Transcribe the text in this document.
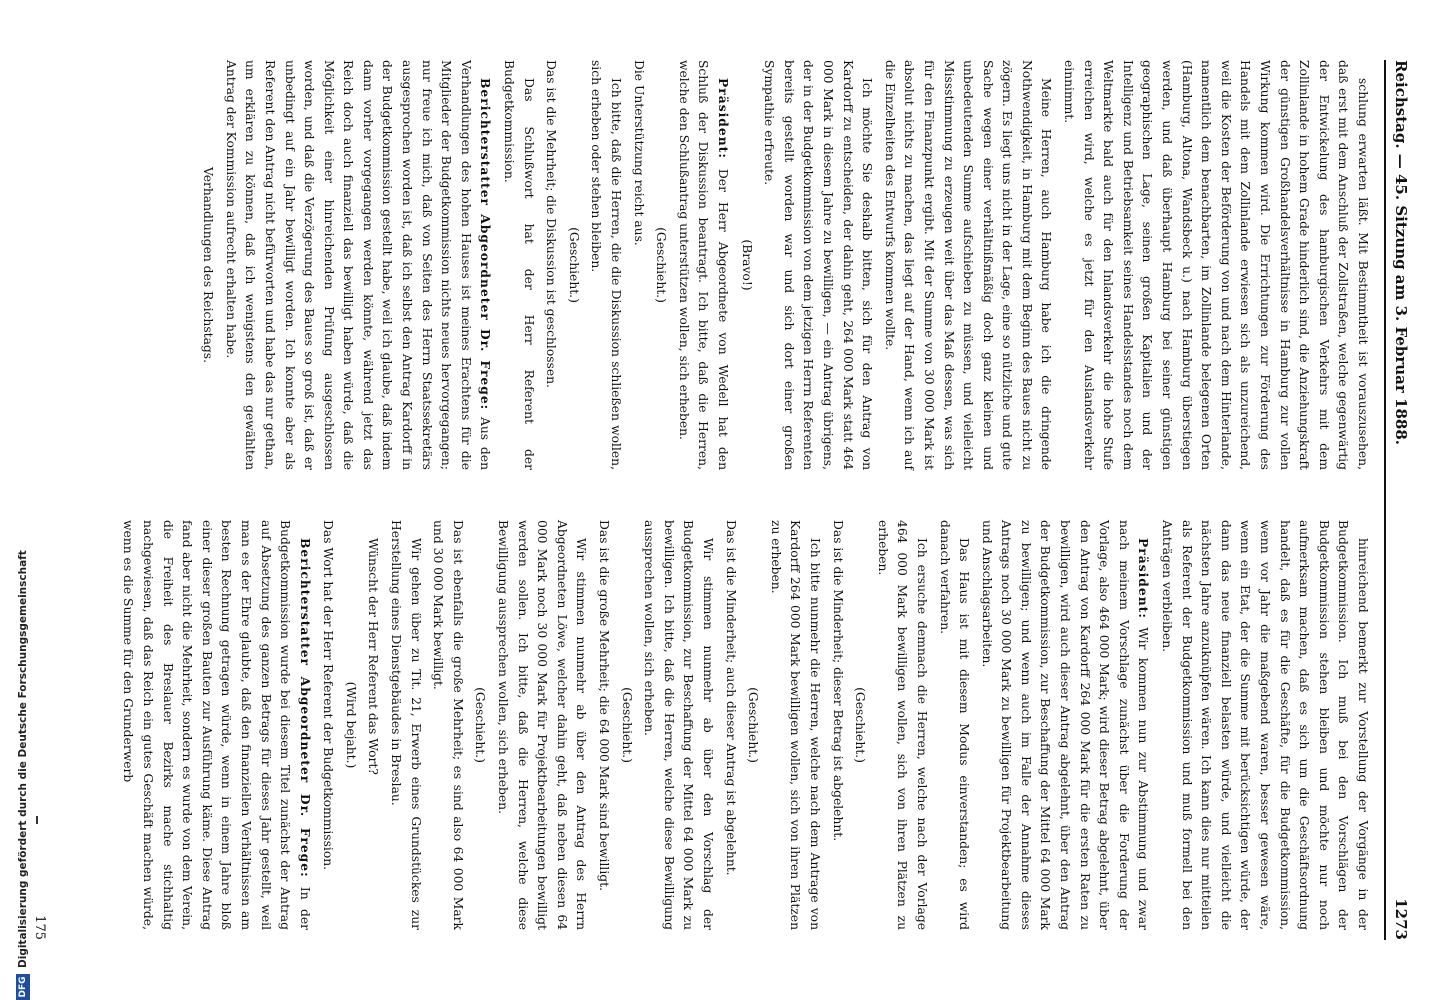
Reichstag. — 45. Sitzung am 3. Februar 1888.
1273

schlung erwarten läßt. Mit Bestimmtheit ist vorauszusehen, daß erst mit dem Anschluß der Zollstraßen, welche gegenwärtig der Entwickelung des hamburgischen Verkehrs mit dem Zollinlande in hohem Grade hinderlich sind, die Anziehungskraft der günstigen Großhandelsverhältnisse in Hamburg zur vollen Wirkung kommen wird. Die Errichtungen zur Förderung des Handels mit dem Zollinlande erwiesen sich als unzureichend, weil die Kosten der Beförderung von und nach dem Hinterlande, namentlich dem benachbarten, im Zollinlande belegenen Orten (Hamburg, Altona, Wandsbeck u.) nach Hamburg überstiegen werden, und daß überhaupt Hamburg bei seiner günstigen geographischen Lage, seinen großen Kapitalien und der Intelligenz und Betriebsamkeit seines Handelsstandes noch dem Weltmarkte bald auch für den Inlandsverkehr die hohe Stufe erreichen wird, welche es jetzt für den Auslandsverkehr einnimmt.

Meine Herren, auch Hamburg habe ich die dringende Nothwendigkeit, in Hamburg mit dem Beginn des Baues nicht zu zögern. Es liegt uns nicht in der Lage, eine so nützliche und gute Sache wegen einer verhältnißmäßig doch ganz kleinen und unbedeutenden Summe aufschieben zu müssen, und vielleicht Missstimmung zu erzeugen weit über das Maß dessen, was sich für den Finanzpunkt ergibt. Mit der Summe von 30 000 Mark ist absolut nichts zu machen, das liegt auf der Hand, wenn ich auf die Einzelheiten des Entwurfs kommen wollte.

Ich möchte Sie deshalb bitten, sich für den Antrag von Kardorff zu entscheiden, der dahin geht, 264 000 Mark statt 464 000 Mark in diesem Jahre zu bewilligen, — ein Antrag übrigens, der in der Budgetkommission von dem jetzigen Herrn Referenten bereits gestellt worden war und sich dort einer großen Sympathie erfreute.

(Bravo!)

Präsident: Der Herr Abgeordnete von Wedell hat den Schluß der Diskussion beantragt. Ich bitte, daß die Herren, welche den Schlußantrag unterstützen wollen, sich erheben.

(Geschieht.)

Die Unterstützung reicht aus.

Ich bitte, daß die Herren, die die Diskussion schließen wollen, sich erheben oder stehen bleiben.

(Geschieht.)

Das ist die Mehrheit; die Diskussion ist geschlossen.

Das Schlußwort hat der Herr Referent der Budgetkommission.

Berichterstatter Abgeordneter Dr. Frege: Aus den Verhandlungen des hohen Hauses ist meines Erachtens für die Mitglieder der Budgetkommission nichts neues hervorgegangen; nur freue ich mich, daß von Seiten des Herrn Staatssekretärs ausgesprochen worden ist, daß ich selbst den Antrag Kardorff in der Budgetkommission gestellt habe, weil ich glaube, daß indem dann vorher vorgegangen werden könnte, während jetzt das Reich doch auch finanziell das bewilligt haben würde, daß die Möglichkeit einer hinreichenden Prüfung ausgeschlossen worden, und daß die Verzögerung des Baues so groß ist, daß er unbedingt auf ein Jahr bewilligt worden. Ich konnte aber als Referent den Antrag nicht befürworten und habe das nur gethan, um erklären zu können, daß ich wenigstens den gewählten Antrag der Kommission aufrecht erhalten habe.

Verhandlungen des Reichstags.

hinreichend bemerkt zur Vorstellung der Vorgänge in der Budgetkommission. Ich muß bei den Vorschlägen der Budgetkommission stehen bleiben und möchte nur noch aufmerksam machen, daß es sich um die Geschäftsordnung handelt, daß es für die Geschäfte, für die Budgetkommission, wenn vor Jahr die maßgebend waren, besser gewesen wäre, wenn ein Etat, der die Summe mit berücksichtigen würde, der dann das neue finanziell belasten würde, und vielleicht die nächsten Jahre anzuknüpfen wären. Ich kann dies nur mitteilen als Referent der Budgetkommission und muß formell bei den Anträgen verbleiben.

Präsident: Wir kommen nun zur Abstimmung und zwar nach meinem Vorschlage zunächst über die Forderung der Vorlage, also 464 000 Mark; wird dieser Betrag abgelehnt, über den Antrag von Kardorff 264 000 Mark für die ersten Raten zu bewilligen, wird auch dieser Antrag abgelehnt, über den Antrag der Budgetkommission, zur Beschaffung der Mittel 64 000 Mark zu bewilligen; und wenn auch im Falle der Annahme dieses Antrags noch 30 000 Mark zu bewilligen für Projektbearbeitung und Anschlagsarbeiten.

Das Haus ist mit diesem Modus einverstanden; es wird danach verfahren.

Ich ersuche demnach die Herren, welche nach der Vorlage 464 000 Mark bewilligen wollen, sich von ihren Plätzen zu erheben.

(Geschieht.)

Das ist die Minderheit; dieser Betrag ist abgelehnt.

Ich bitte nunmehr die Herren, welche nach dem Antrage von Kardorff 264 000 Mark bewilligen wollen, sich von ihren Plätzen zu erheben.

(Geschieht.)

Das ist die Minderheit; auch dieser Antrag ist abgelehnt.

Wir stimmen nunmehr ab über den Vorschlag der Budgetkommission, zur Beschaffung der Mittel 64 000 Mark zu bewilligen. Ich bitte, daß die Herren, welche diese Bewilligung aussprechen wollen, sich erheben.

(Geschieht.)

Das ist die große Mehrheit; die 64 000 Mark sind bewilligt.

Wir stimmen nunmehr ab über den Antrag des Herrn Abgeordneten Löwe, welcher dahin geht, daß neben diesen 64 000 Mark noch 30 000 Mark für Projektbearbeitungen bewilligt werden sollen. Ich bitte, daß die Herren, welche diese Bewilligung aussprechen wollen, sich erheben.

(Geschieht.)

Das ist ebenfalls die große Mehrheit; es sind also 64 000 Mark und 30 000 Mark bewilligt.

Wir gehen über zu Tit. 21, Erwerb eines Grundstückes zur Herstellung eines Dienstgebäudes in Breslau.

Wünscht der Herr Referent das Wort?

(Wird bejaht.)

Das Wort hat der Herr Referent der Budgetkommission.

Berichterstatter Abgeordneter Dr. Frege: In der Budgetkommission wurde bei diesem Titel zunächst der Antrag auf Absetzung des ganzen Betrags für dieses Jahr gestellt, weil man es der Ehre glaubte, daß den finanziellen Verhältnissen am besten Rechnung getragen würde, wenn in einem Jahre bloß einer dieser großen Bauten zur Ausführung käme. Diese Antrag fand aber nicht die Mehrheit, sondern es wurde von dem Verein, die Freiheit des Breslauer Bezirks mache stichhaltig nachgewiesen, daß das Reich ein gutes Geschäft machen würde, wenn es die Summe für den Grunderwerb

175
DFG
Digitalisierung gefördert durch die Deutsche Forschungsgemeinschaft
